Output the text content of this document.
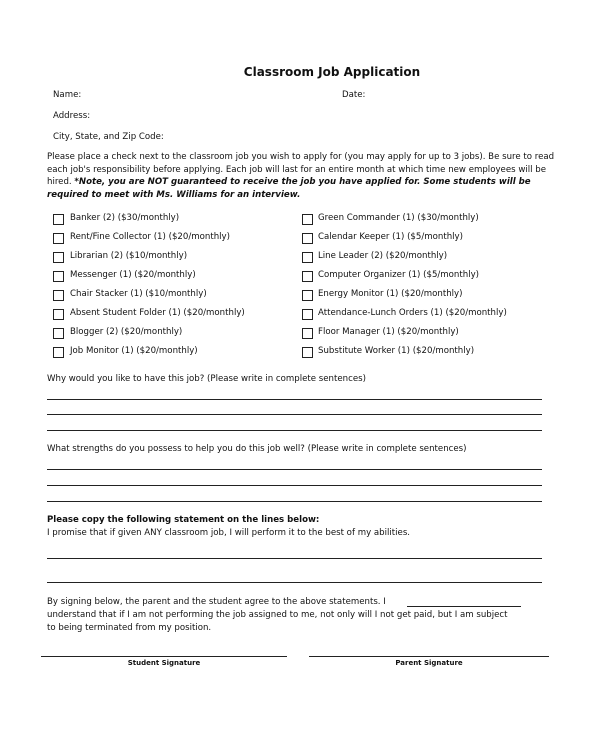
Classroom Job Application
Name:	Date:
Address:
City, State, and Zip Code:
Please place a check next to the classroom job you wish to apply for (you may apply for up to 3 jobs). Be sure to read each job's responsibility before applying. Each job will last for an entire month at which time new employees will be hired. *Note, you are NOT guaranteed to receive the job you have applied for. Some students will be required to meet with Ms. Williams for an interview.
Banker (2) ($30/monthly)
Rent/Fine Collector (1) ($20/monthly)
Librarian (2) ($10/monthly)
Messenger (1) ($20/monthly)
Chair Stacker (1) ($10/monthly)
Absent Student Folder (1) ($20/monthly)
Blogger (2) ($20/monthly)
Job Monitor (1) ($20/monthly)
Green Commander (1) ($30/monthly)
Calendar Keeper (1) ($5/monthly)
Line Leader (2) ($20/monthly)
Computer Organizer (1) ($5/monthly)
Energy Monitor (1) ($20/monthly)
Attendance-Lunch Orders (1) ($20/monthly)
Floor Manager (1) ($20/monthly)
Substitute Worker (1) ($20/monthly)
Why would you like to have this job? (Please write in complete sentences)
What strengths do you possess to help you do this job well? (Please write in complete sentences)
Please copy the following statement on the lines below:
I promise that if given ANY classroom job, I will perform it to the best of my abilities.
By signing below, the parent and the student agree to the above statements. I
understand that if I am not performing the job assigned to me, not only will I not get paid, but I am subject
to being terminated from my position.
Student Signature	Parent Signature
